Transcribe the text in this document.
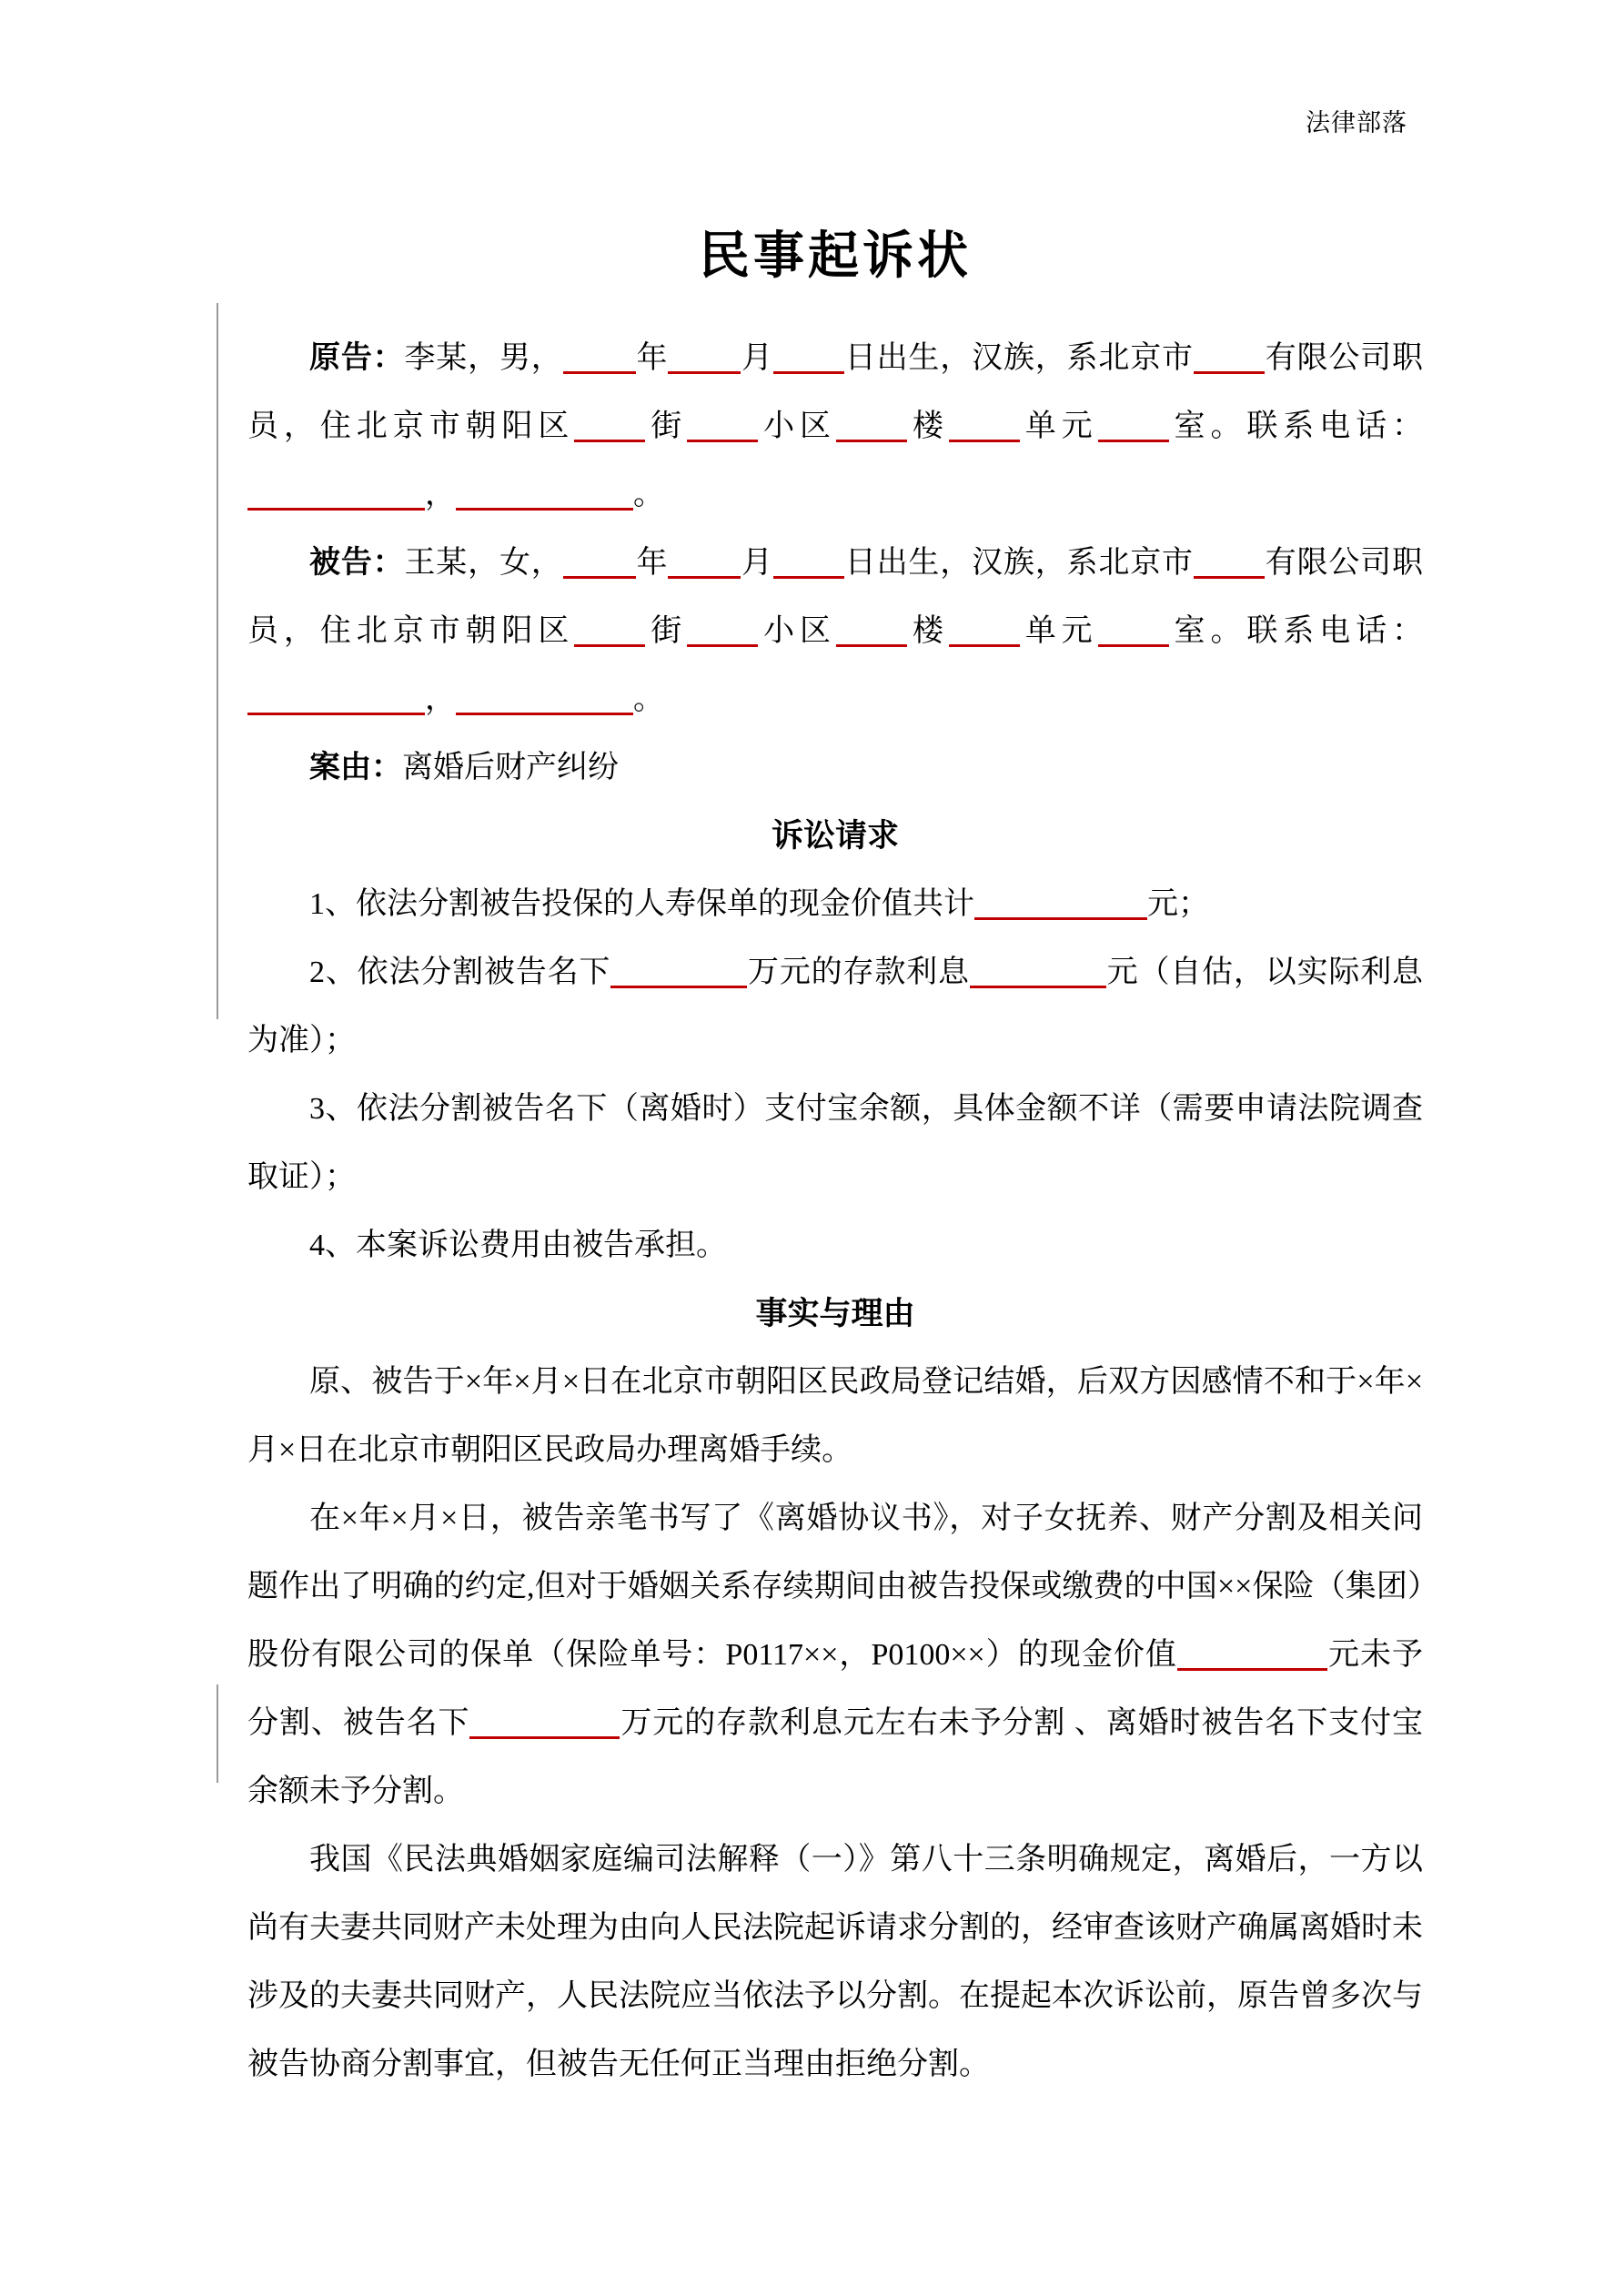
法律部落
民事起诉状

原告：李某，男， 年 月 日出生，汉族，系北京市 有限公司职员，住北京市朝阳区 街 小区 楼 单元 室。联系电话：，	。

被告：王某，女， 年 月 日出生，汉族，系北京市 有限公司职员，住北京市朝阳区 街 小区 楼 单元 室。联系电话：，	。

案由：离婚后财产纠纷

诉讼请求

1、依法分割被告投保的人寿保单的现金价值共计	元；

2、依法分割被告名下	万元的存款利息	元（自估，以实际利息为准）；

3、依法分割被告名下（离婚时）支付宝余额，具体金额不详（需要申请法院调查取证）；

4、本案诉讼费用由被告承担。

事实与理由

原、被告于×年×月×日在北京市朝阳区民政局登记结婚，后双方因感情不和于×年×月×日在北京市朝阳区民政局办理离婚手续。

在×年×月×日，被告亲笔书写了《离婚协议书》，对子女抚养、财产分割及相关问题作出了明确的约定,但对于婚姻关系存续期间由被告投保或缴费的中国××保险（集团）股份有限公司的保单（保险单号：P0117××，P0100××）的现金价值	元未予分割、被告名下	万元的存款利息元左右未予分割 、离婚时被告名下支付宝余额未予分割。

我国《民法典婚姻家庭编司法解释（一）》第八十三条明确规定，离婚后，一方以尚有夫妻共同财产未处理为由向人民法院起诉请求分割的，经审查该财产确属离婚时未涉及的夫妻共同财产，人民法院应当依法予以分割。在提起本次诉讼前，原告曾多次与被告协商分割事宜，但被告无任何正当理由拒绝分割。
